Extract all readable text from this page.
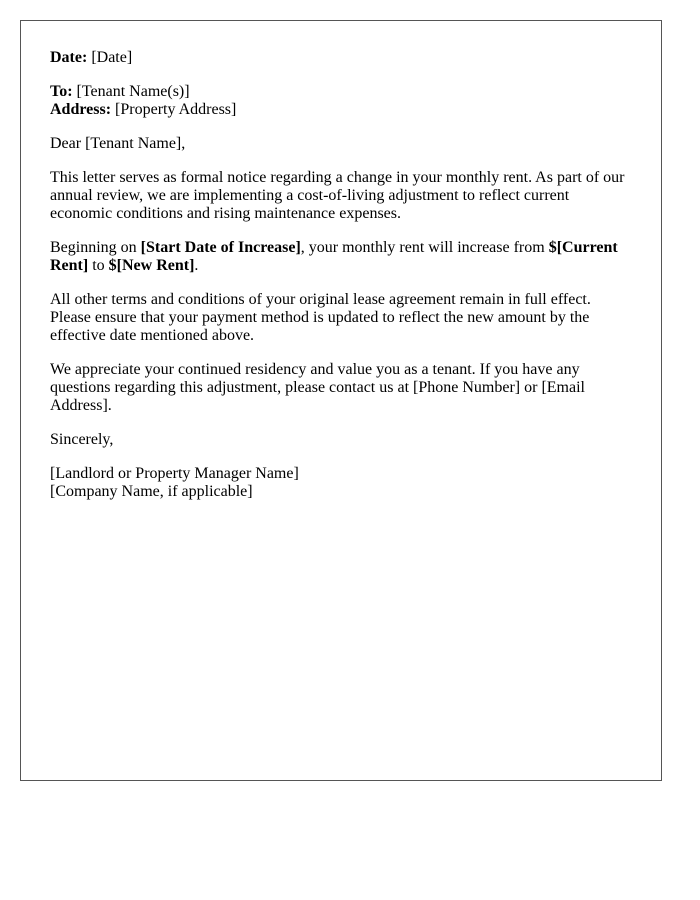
Date: [Date]

To: [Tenant Name(s)]
Address: [Property Address]

Dear [Tenant Name],

This letter serves as formal notice regarding a change in your monthly rent. As part of our annual review, we are implementing a cost-of-living adjustment to reflect current economic conditions and rising maintenance expenses.

Beginning on [Start Date of Increase], your monthly rent will increase from $[Current Rent] to $[New Rent].

All other terms and conditions of your original lease agreement remain in full effect. Please ensure that your payment method is updated to reflect the new amount by the effective date mentioned above.

We appreciate your continued residency and value you as a tenant. If you have any questions regarding this adjustment, please contact us at [Phone Number] or [Email Address].

Sincerely,

[Landlord or Property Manager Name]
[Company Name, if applicable]
